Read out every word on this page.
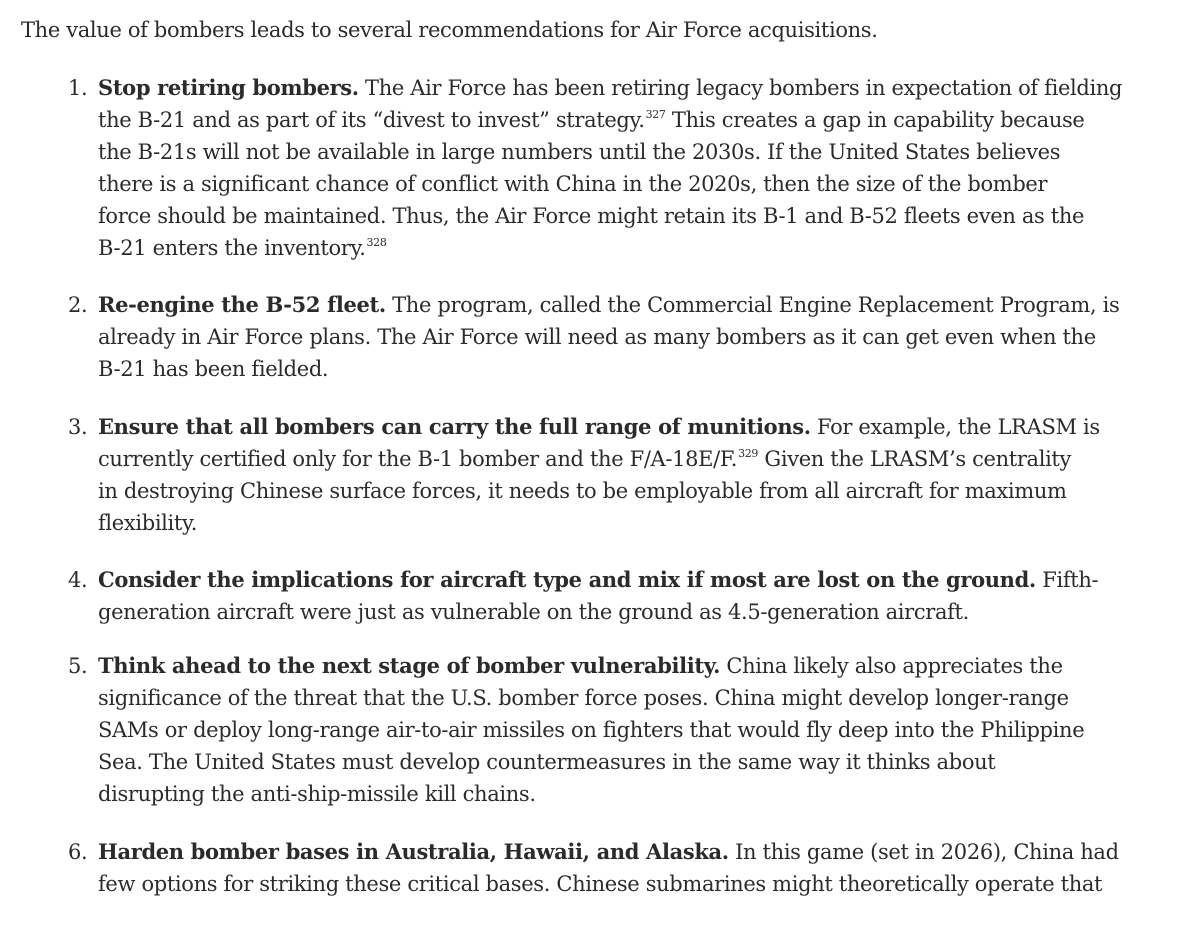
The value of bombers leads to several recommendations for Air Force acquisitions.

1. Stop retiring bombers. The Air Force has been retiring legacy bombers in expectation of fielding
the B-21 and as part of its “divest to invest” strategy.$^{327}$ This creates a gap in capability because
the B-21s will not be available in large numbers until the 2030s. If the United States believes
there is a significant chance of conflict with China in the 2020s, then the size of the bomber
force should be maintained. Thus, the Air Force might retain its B-1 and B-52 fleets even as the
B-21 enters the inventory.$^{328}$
2. Re-engine the B-52 fleet. The program, called the Commercial Engine Replacement Program, is
already in Air Force plans. The Air Force will need as many bombers as it can get even when the
B-21 has been fielded.
3. Ensure that all bombers can carry the full range of munitions. For example, the LRASM is
currently certified only for the B-1 bomber and the F/A-18E/F.$^{329}$ Given the LRASM’s centrality
in destroying Chinese surface forces, it needs to be employable from all aircraft for maximum
flexibility.
4. Consider the implications for aircraft type and mix if most are lost on the ground. Fifth-
generation aircraft were just as vulnerable on the ground as 4.5-generation aircraft.
5. Think ahead to the next stage of bomber vulnerability. China likely also appreciates the
significance of the threat that the U.S. bomber force poses. China might develop longer-range
SAMs or deploy long-range air-to-air missiles on fighters that would fly deep into the Philippine
Sea. The United States must develop countermeasures in the same way it thinks about
disrupting the anti-ship-missile kill chains.
6. Harden bomber bases in Australia, Hawaii, and Alaska. In this game (set in 2026), China had
few options for striking these critical bases. Chinese submarines might theoretically operate that
